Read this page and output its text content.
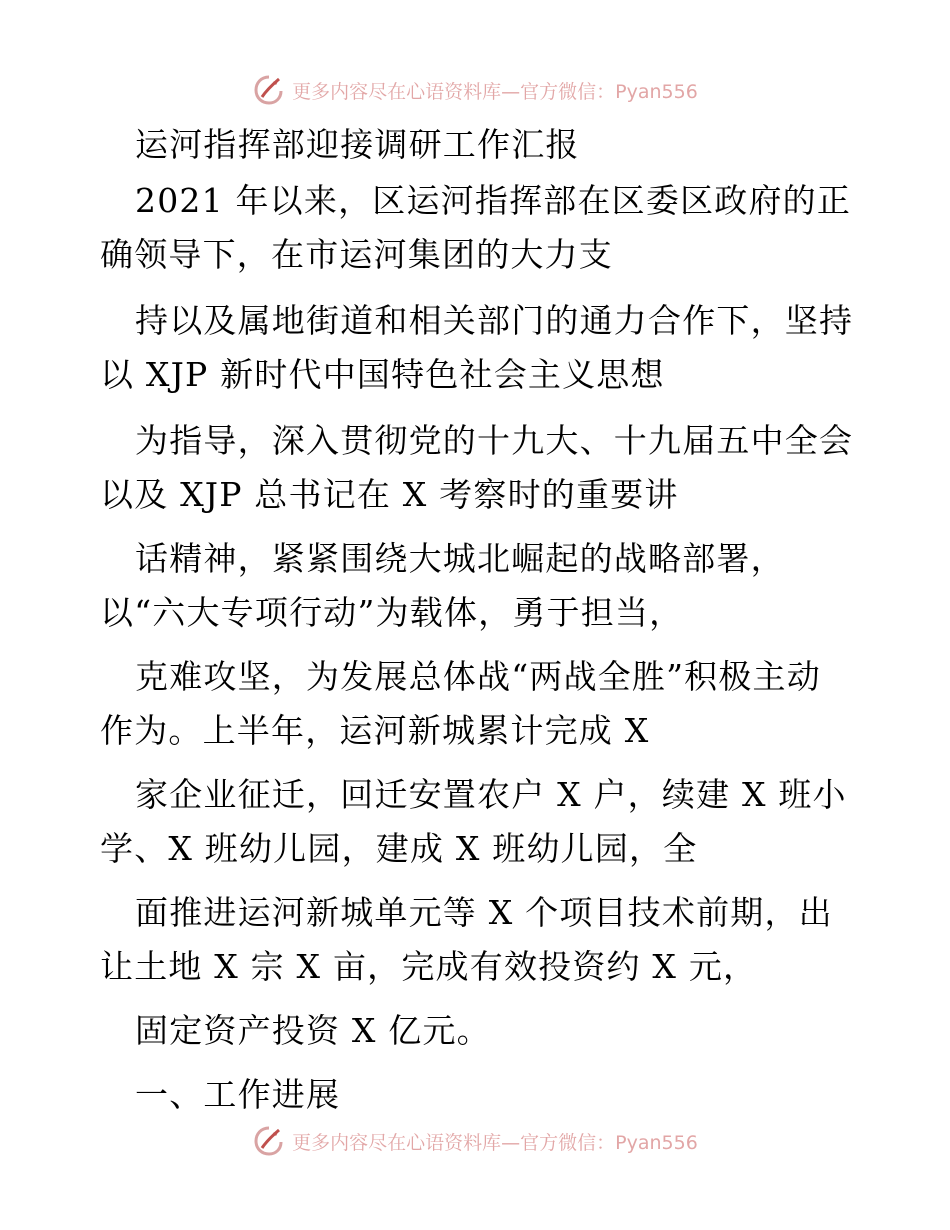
更多内容尽在心语资料库—官方微信：Pyan556
运河指挥部迎接调研工作汇报
2021 年以来，区运河指挥部在区委区政府的正
确领导下，在市运河集团的大力支
持以及属地街道和相关部门的通力合作下，坚持
以 XJP 新时代中国特色社会主义思想
为指导，深入贯彻党的十九大、十九届五中全会
以及 XJP 总书记在 X 考察时的重要讲
话精神，紧紧围绕大城北崛起的战略部署，
以“六大专项行动”为载体，勇于担当，
克难攻坚，为发展总体战“两战全胜”积极主动
作为。上半年，运河新城累计完成 X
家企业征迁，回迁安置农户 X 户，续建 X 班小
学、X 班幼儿园，建成 X 班幼儿园，全
面推进运河新城单元等 X 个项目技术前期，出
让土地 X 宗 X 亩，完成有效投资约 X 元，
固定资产投资 X 亿元。
一、工作进展
更多内容尽在心语资料库—官方微信：Pyan556
